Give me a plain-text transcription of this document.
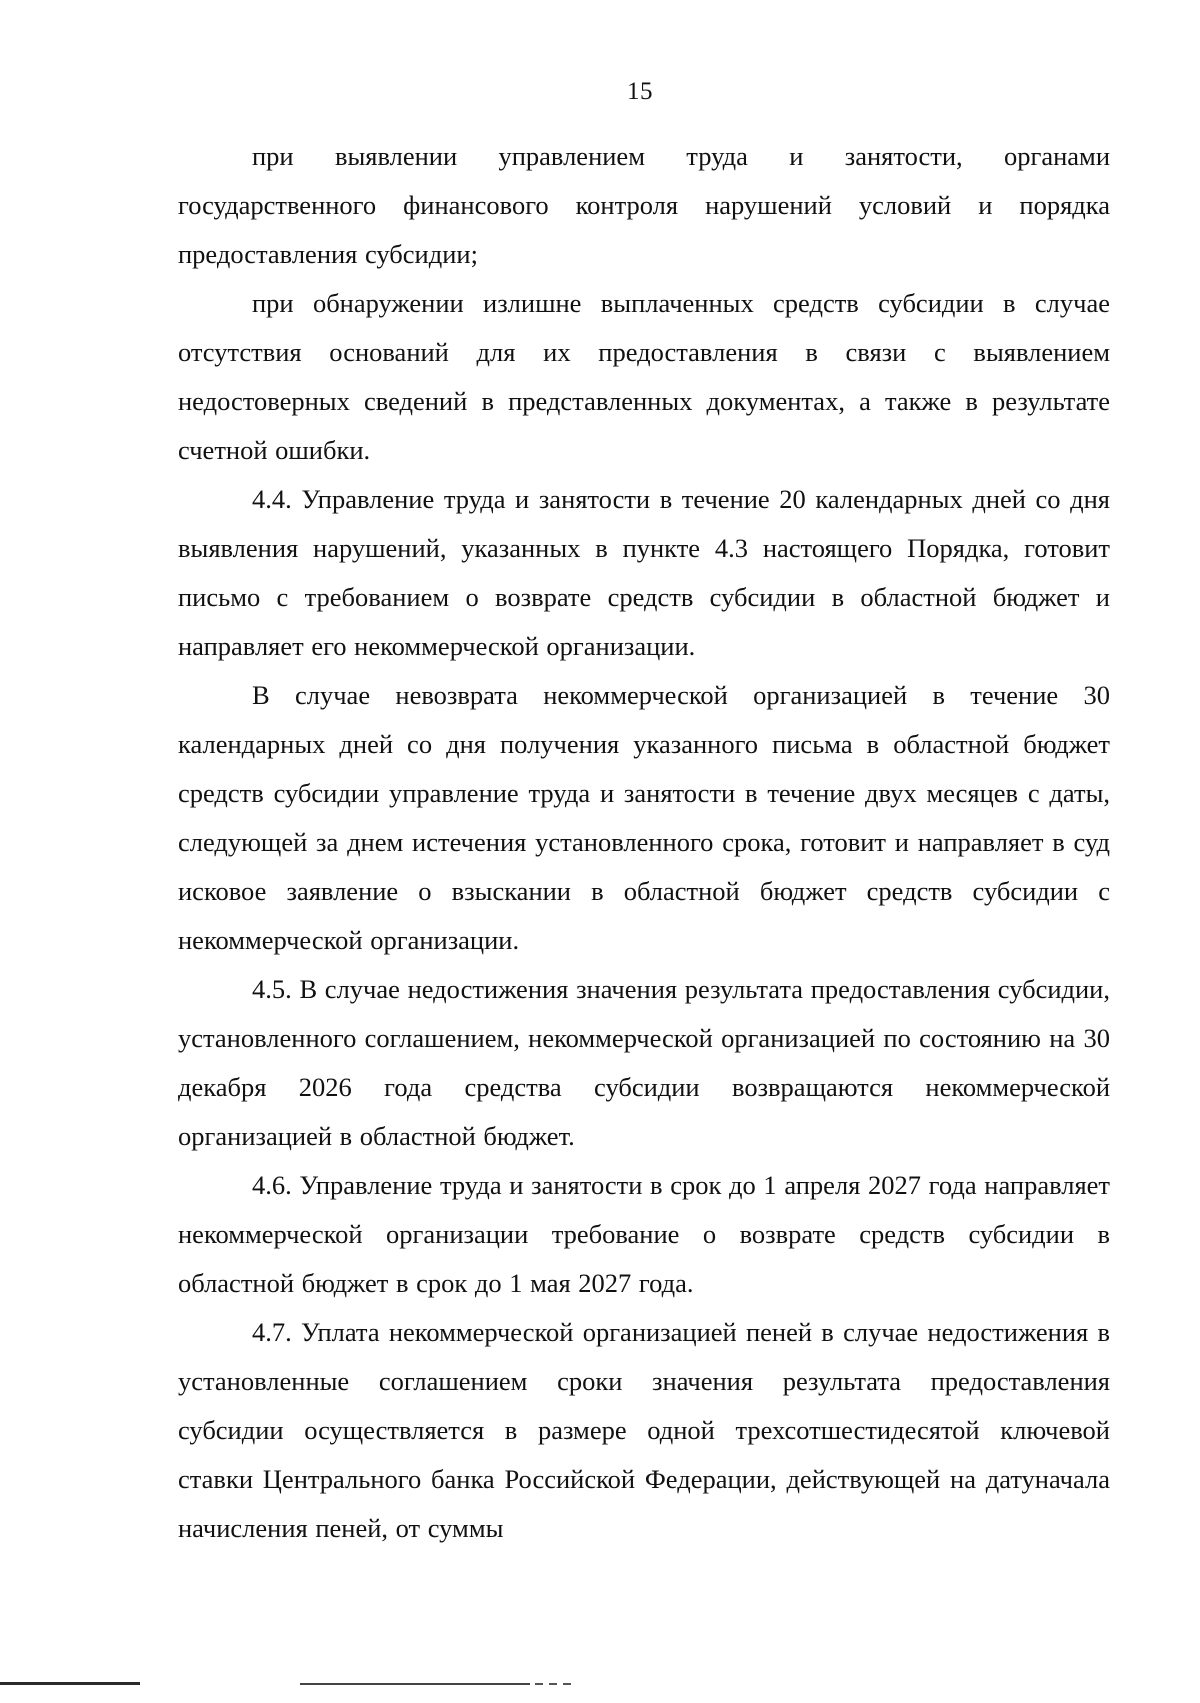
15

при выявлении управлением труда и занятости, органами государственного финансового контроля нарушений условий и порядка предоставления субсидии;

при обнаружении излишне выплаченных средств субсидии в случае отсутствия оснований для их предоставления в связи с выявлением недостоверных сведений в представленных документах, а также в результате счетной ошибки.

4.4. Управление труда и занятости в течение 20 календарных дней со дня выявления нарушений, указанных в пункте 4.3 настоящего Порядка, готовит письмо с требованием о возврате средств субсидии в областной бюджет и направляет его некоммерческой организации.

В случае невозврата некоммерческой организацией в течение 30 календарных дней со дня получения указанного письма в областной бюджет средств субсидии управление труда и занятости в течение двух месяцев с даты, следующей за днем истечения установленного срока, готовит и направляет в суд исковое заявление о взыскании в областной бюджет средств субсидии с некоммерческой организации.

4.5. В случае недостижения значения результата предоставления субсидии, установленного соглашением, некоммерческой организацией по состоянию на 30 декабря 2026 года средства субсидии возвращаются некоммерческой организацией в областной бюджет.

4.6. Управление труда и занятости в срок до 1 апреля 2027 года направляет некоммерческой организации требование о возврате средств субсидии в областной бюджет в срок до 1 мая 2027 года.

4.7. Уплата некоммерческой организацией пеней в случае недостижения в установленные соглашением сроки значения результата предоставления субсидии осуществляется в размере одной трехсотшестидесятой ключевой ставки Центрального банка Российской Федерации, действующей на датуначала начисления пеней, от суммы
